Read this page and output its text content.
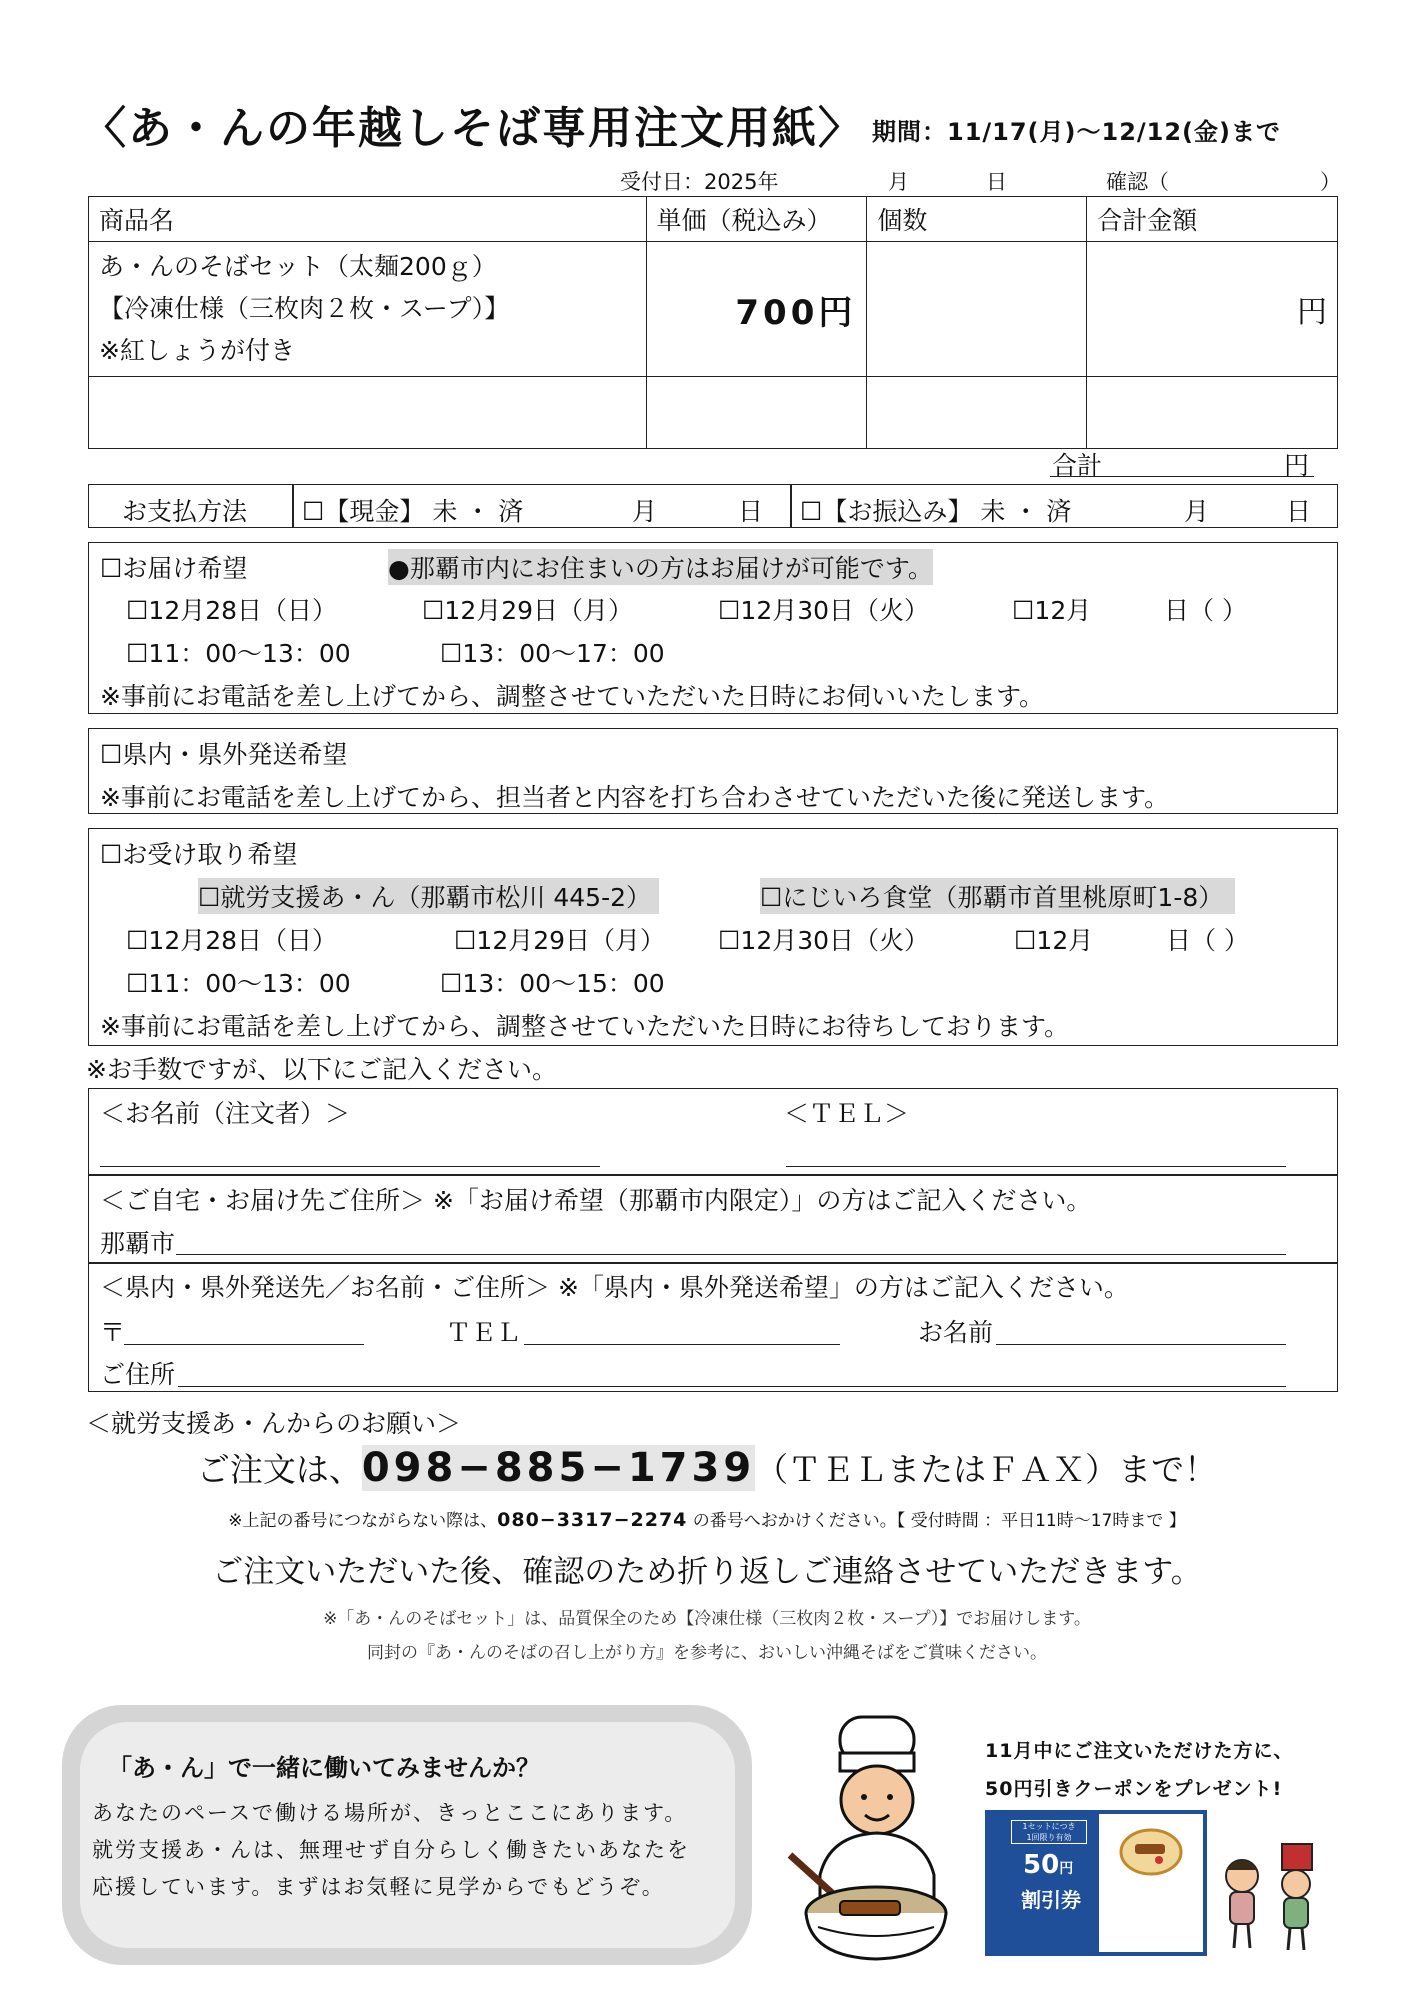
〈あ・んの年越しそば専用注文用紙〉 期間：11/17(月)～12/12(金)まで
受付日：2025年	月	日	確認（	）
商品名	単価（税込み）	個数	合計金額

あ・んのそばセット（太麺200ｇ）
【冷凍仕様（三枚肉２枚・スープ）】
※紅しょうが付き	700円		円

合計	円
お支払方法 ☐【現金】 未 ・ 済	月	日 ☐【お振込み】 未 ・ 済	月	日
☐お届け希望	●那覇市内にお住まいの方はお届けが可能です。
☐12月28日（日）	☐12月29日（月）	☐12月30日（火）	☐12月	日（ ）
☐11：00～13：00	☐13：00～17：00
※事前にお電話を差し上げてから、調整させていただいた日時にお伺いいたします。
☐県内・県外発送希望
※事前にお電話を差し上げてから、担当者と内容を打ち合わさせていただいた後に発送します。
☐お受け取り希望
☐就労支援あ・ん（那覇市松川 445-2）	☐にじいろ食堂（那覇市首里桃原町1-8）
☐12月28日（日）	☐12月29日（月） ☐12月30日（火）	☐12月	日（ ）
☐11：00～13：00	☐13：00～15：00
※事前にお電話を差し上げてから、調整させていただいた日時にお待ちしております。
※お手数ですが、以下にご記入ください。
＜お名前（注文者）＞	＜ＴＥＬ＞
＜ご自宅・お届け先ご住所＞ ※「お届け希望（那覇市内限定）」の方はご記入ください。
那覇市
＜県内・県外発送先／お名前・ご住所＞ ※「県内・県外発送希望」の方はご記入ください。
〒	ＴＥＬ	お名前
ご住所
＜就労支援あ・んからのお願い＞
ご注文は、098−885−1739（ＴＥＬまたはＦＡＸ）まで！
※上記の番号につながらない際は、080−3317−2274 の番号へおかけください。【 受付時間 ：平日11時～17時まで 】
ご注文いただいた後、確認のため折り返しご連絡させていただきます。
※「あ・んのそばセット」は、品質保全のため【冷凍仕様（三枚肉２枚・スープ）】でお届けします。
同封の『あ・んのそばの召し上がり方』を参考に、おいしい沖縄そばをご賞味ください。
「あ・ん」で一緒に働いてみませんか？
あなたのペースで働ける場所が、きっとここにあります。
就労支援あ・んは、無理せず自分らしく働きたいあなたを
応援しています。まずはお気軽に見学からでもどうぞ。
11月中にご注文いただけた方に、
50円引きクーポンをプレゼント!
1セットにつき
1回限り有効
50円
割引券
